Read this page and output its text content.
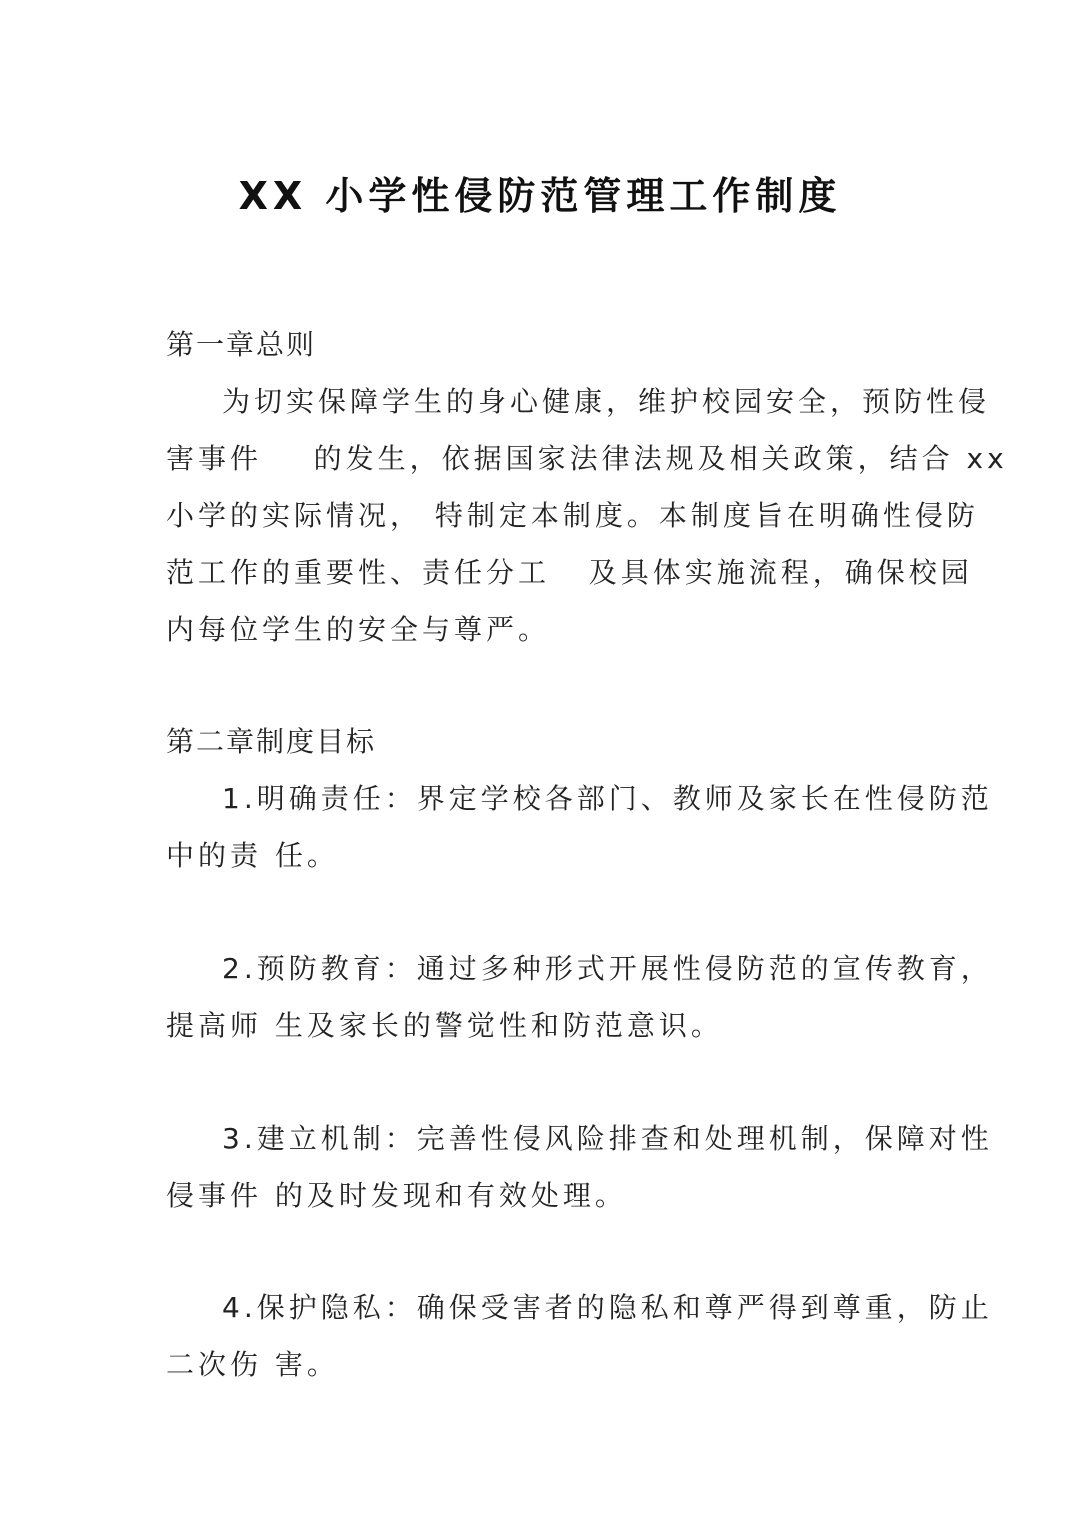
XX 小学性侵防范管理工作制度
第一章总则
为切实保障学生的身心健康，维护校园安全，预防性侵
害事件    的发生，依据国家法律法规及相关政策，结合 xx
小学的实际情况， 特制定本制度。本制度旨在明确性侵防
范工作的重要性、责任分工   及具体实施流程，确保校园
内每位学生的安全与尊严。
第二章制度目标
1.明确责任：界定学校各部门、教师及家长在性侵防范
中的责 任。
2.预防教育：通过多种形式开展性侵防范的宣传教育，
提高师 生及家长的警觉性和防范意识。
3.建立机制：完善性侵风险排查和处理机制，保障对性
侵事件 的及时发现和有效处理。
4.保护隐私：确保受害者的隐私和尊严得到尊重，防止
二次伤 害。
